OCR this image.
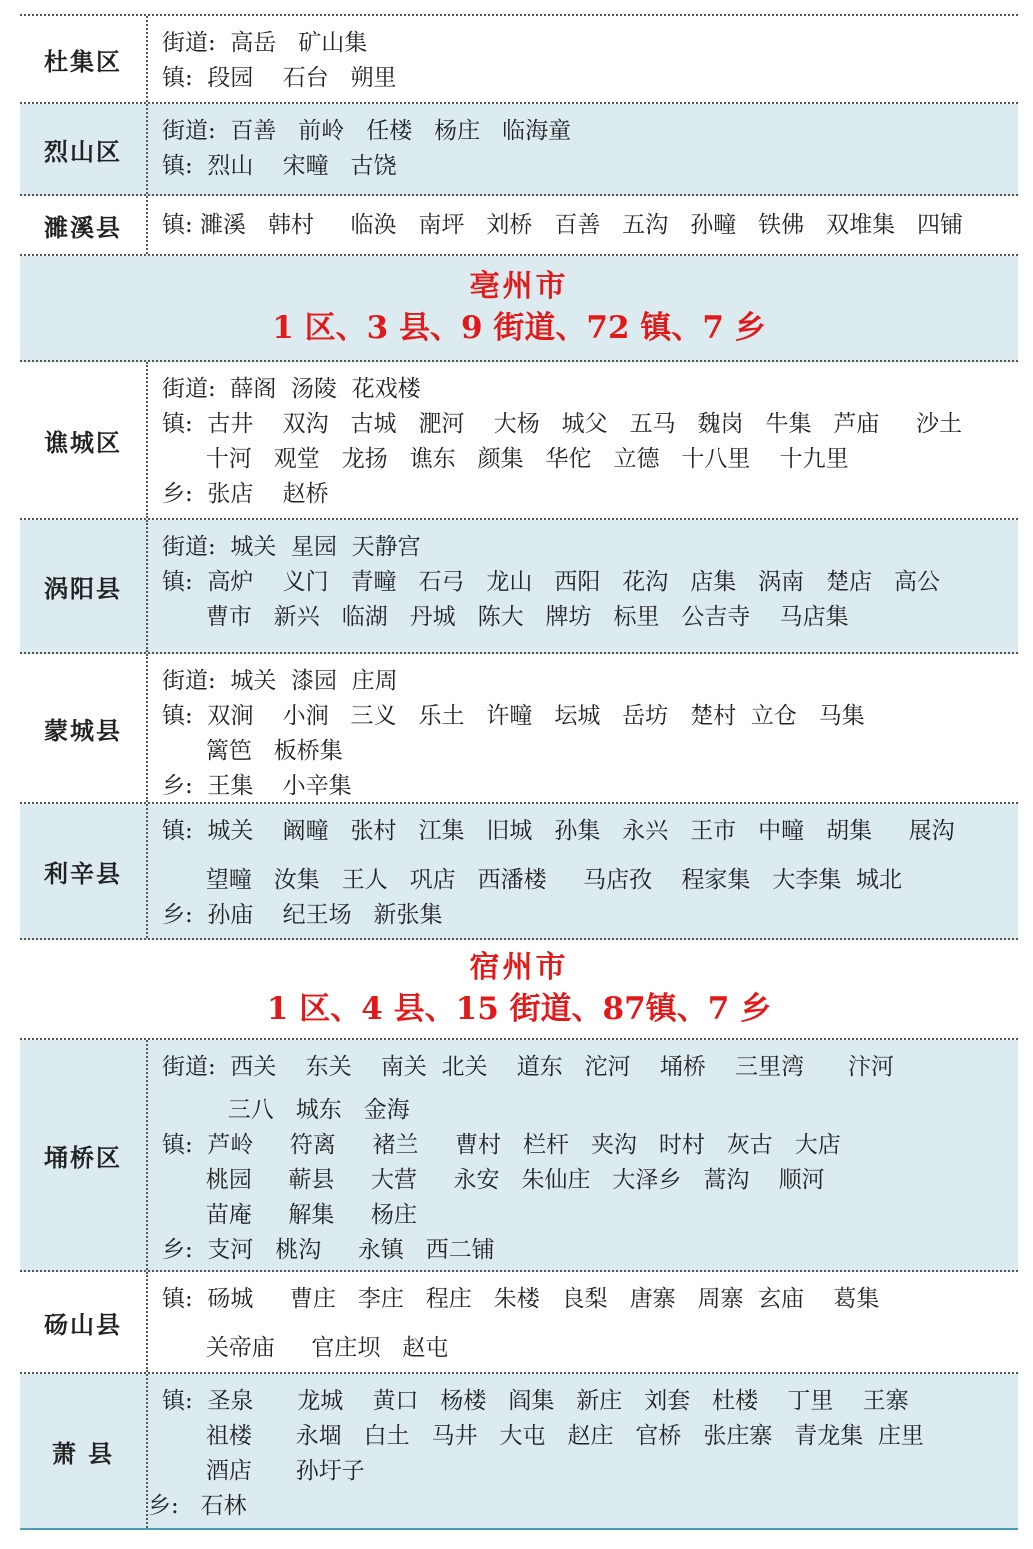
杜集区
街道:  高岳   矿山集
镇:  段园    石台   朔里
烈山区
街道:  百善   前岭   任楼   杨庄   临海童
镇:  烈山    宋疃   古饶
濉溪县	镇: 濉溪   韩村     临涣   南坪   刘桥   百善   五沟   孙疃   铁佛   双堆集   四铺
亳州市
1 区、3 县、9 街道、72 镇、7 乡
谯城区
街道:  薛阁  汤陵  花戏楼
镇:  古井    双沟   古城   淝河    大杨   城父   五马   魏岗   牛集   芦庙     沙土
十河   观堂   龙扬   谯东   颜集   华佗   立德   十八里    十九里
乡:  张店    赵桥
涡阳县
街道:  城关  星园  天静宫
镇:  高炉    义门   青疃   石弓   龙山   西阳   花沟   店集   涡南   楚店   高公
曹市   新兴   临湖   丹城   陈大   牌坊   标里   公吉寺    马店集
蒙城县
街道:  城关  漆园  庄周
镇:  双涧    小涧   三义   乐土   许疃   坛城   岳坊   楚村  立仓   马集
篱笆   板桥集
乡:  王集    小辛集
利辛县
镇:  城关    阚疃   张村   江集   旧城   孙集   永兴   王市   中疃   胡集     展沟
望疃   汝集   王人   巩店   西潘楼     马店孜    程家集   大李集  城北
乡:  孙庙    纪王场   新张集
宿州市
1 区、4 县、15 街道、87镇、7 乡
埇桥区
街道:  西关    东关    南关  北关    道东   沱河    埇桥    三里湾      汴河
三八   城东   金海
镇:  芦岭     符离     褚兰     曹村   栏杆   夹沟   时村   灰古   大店
桃园     蕲县     大营     永安   朱仙庄   大泽乡   蒿沟    顺河
苗庵     解集     杨庄
乡:  支河   桃沟     永镇   西二铺
砀山县
镇:  砀城     曹庄   李庄   程庄   朱楼   良梨   唐寨   周寨  玄庙    葛集
关帝庙     官庄坝   赵屯
萧 县
镇:  圣泉      龙城    黄口   杨楼   阎集   新庄   刘套   杜楼    丁里    王寨
祖楼      永堌   白土   马井   大屯   赵庄   官桥   张庄寨   青龙集  庄里
酒店      孙圩子
乡:   石林
